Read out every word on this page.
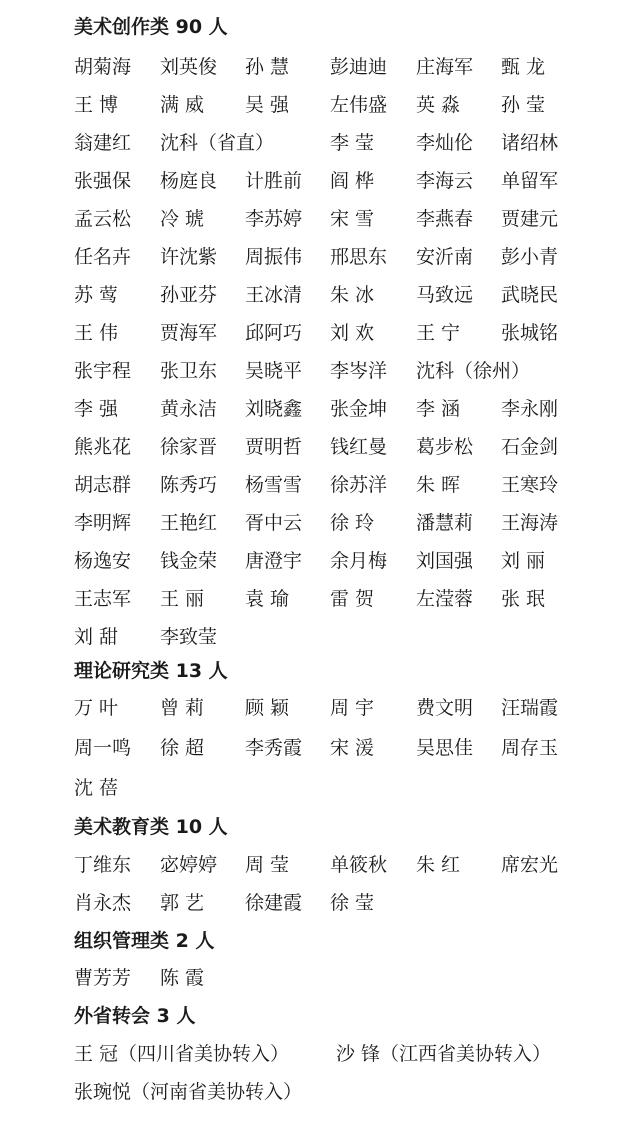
美术创作类 90 人
胡菊海 刘英俊 孙 慧 彭迪迪 庄海军 甄 龙
王 博 满 威 吴 强 左伟盛 英 淼 孙 莹
翁建红 沈科（省直）	李 莹 李灿伦 诸绍林
张强保 杨庭良 计胜前 阎 桦 李海云 单留军
孟云松 冷 琥 李苏婷 宋 雪 李燕春 贾建元
任名卉 许沈紫 周振伟 邢思东 安沂南 彭小青
苏 莺 孙亚芬 王冰清 朱 冰 马致远 武晓民
王 伟 贾海军 邱阿巧 刘 欢 王 宁 张城铭
张宇程 张卫东 吴晓平 李岑洋 沈科（徐州）
李 强 黄永洁 刘晓鑫 张金坤 李 涵 李永刚
熊兆花 徐家晋 贾明哲 钱红曼 葛步松 石金剑
胡志群 陈秀巧 杨雪雪 徐苏洋 朱 晖 王寒玲
李明辉 王艳红 胥中云 徐 玲 潘慧莉 王海涛
杨逸安 钱金荣 唐澄宇 余月梅 刘国强 刘 丽
王志军 王 丽 袁 瑜 雷 贺 左滢蓉 张 珉
刘 甜 李致莹
理论研究类 13 人
万 叶 曾 莉 顾 颖 周 宇 费文明 汪瑞霞
周一鸣 徐 超 李秀霞 宋 湲 吴思佳 周存玉
沈 蓓
美术教育类 10 人
丁维东 宓婷婷 周 莹 单筱秋 朱 红 席宏光
肖永杰 郭 艺 徐建霞 徐 莹
组织管理类 2 人
曹芳芳 陈 霞
外省转会 3 人
王 冠（四川省美协转入） 沙 锋（江西省美协转入）
张琬悦（河南省美协转入）
